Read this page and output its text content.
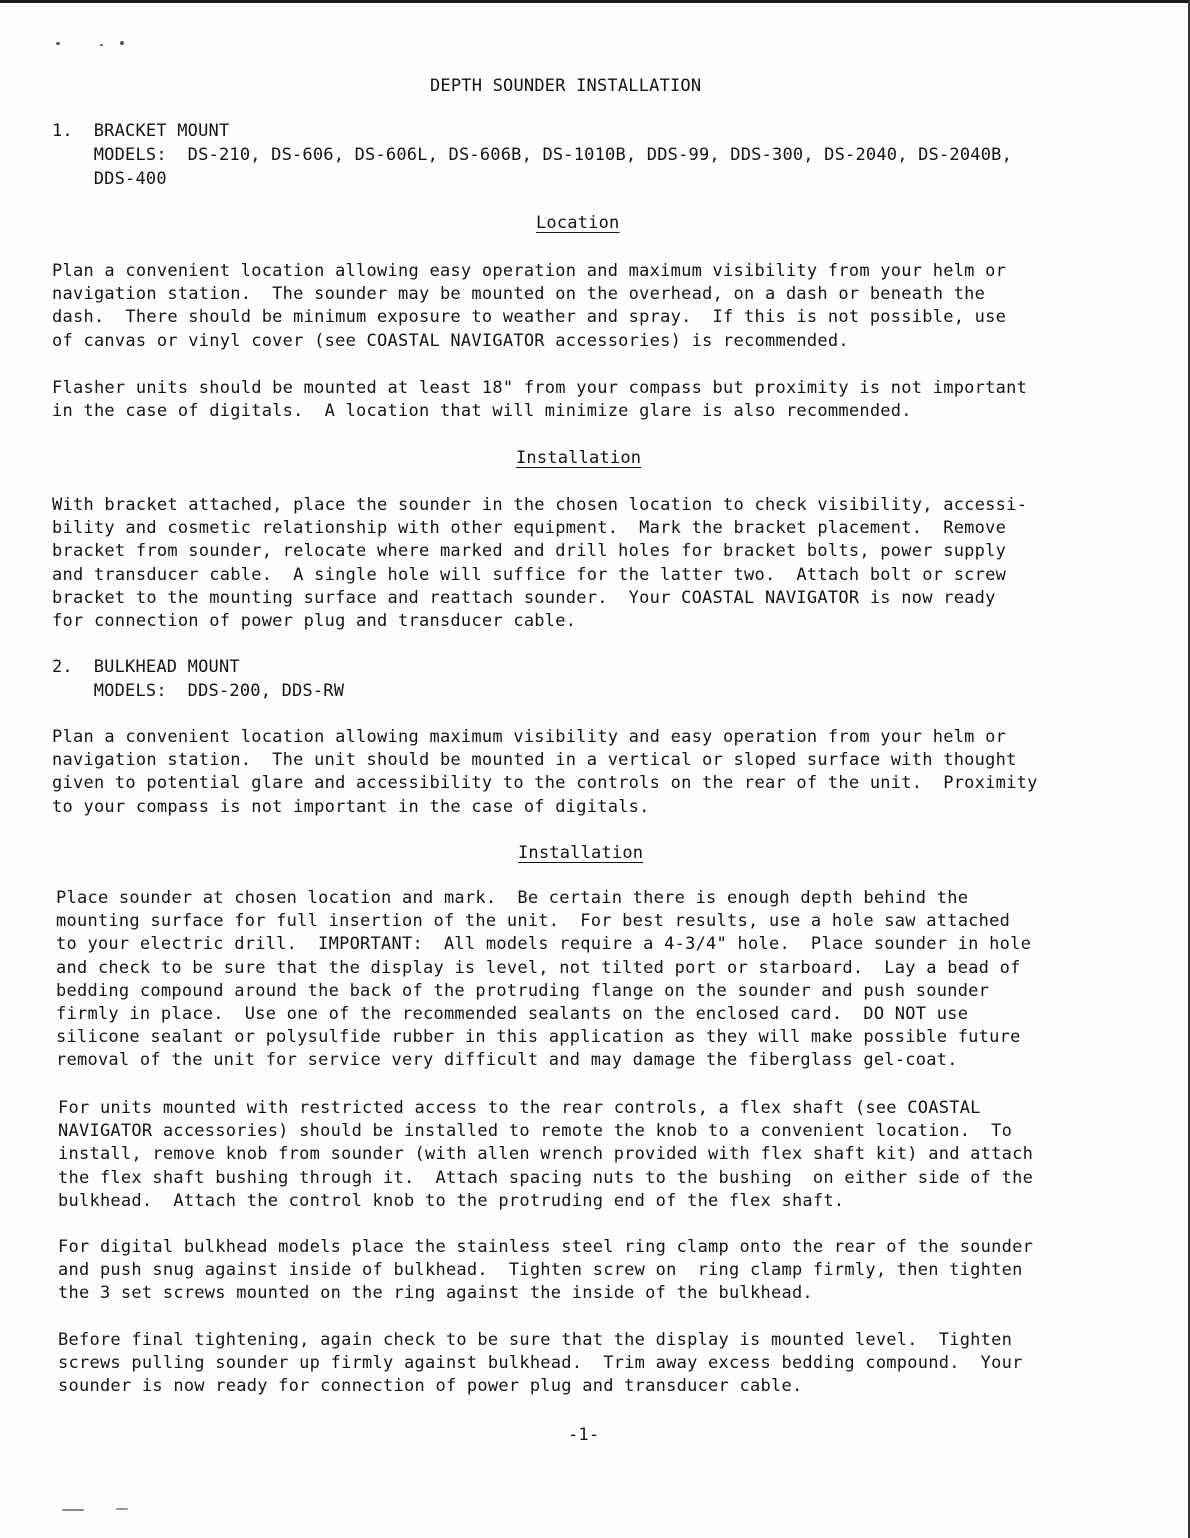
DEPTH SOUNDER INSTALLATION

1.  BRACKET MOUNT

MODELS:  DS-210, DS-606, DS-606L, DS-606B, DS-1010B, DDS-99, DDS-300, DS-2040, DS-2040B,

DDS-400

Location

Plan a convenient location allowing easy operation and maximum visibility from your helm or
navigation station.  The sounder may be mounted on the overhead, on a dash or beneath the
dash.  There should be minimum exposure to weather and spray.  If this is not possible, use
of canvas or vinyl cover (see COASTAL NAVIGATOR accessories) is recommended.
Flasher units should be mounted at least 18" from your compass but proximity is not important
in the case of digitals.  A location that will minimize glare is also recommended.

Installation

With bracket attached, place the sounder in the chosen location to check visibility, accessi-
bility and cosmetic relationship with other equipment.  Mark the bracket placement.  Remove
bracket from sounder, relocate where marked and drill holes for bracket bolts, power supply
and transducer cable.  A single hole will suffice for the latter two.  Attach bolt or screw
bracket to the mounting surface and reattach sounder.  Your COASTAL NAVIGATOR is now ready
for connection of power plug and transducer cable.

2.  BULKHEAD MOUNT

MODELS:  DDS-200, DDS-RW

Plan a convenient location allowing maximum visibility and easy operation from your helm or
navigation station.  The unit should be mounted in a vertical or sloped surface with thought
given to potential glare and accessibility to the controls on the rear of the unit.  Proximity
to your compass is not important in the case of digitals.

Installation

Place sounder at chosen location and mark.  Be certain there is enough depth behind the
mounting surface for full insertion of the unit.  For best results, use a hole saw attached
to your electric drill.  IMPORTANT:  All models require a 4-3/4" hole.  Place sounder in hole
and check to be sure that the display is level, not tilted port or starboard.  Lay a bead of
bedding compound around the back of the protruding flange on the sounder and push sounder
firmly in place.  Use one of the recommended sealants on the enclosed card.  DO NOT use
silicone sealant or polysulfide rubber in this application as they will make possible future
removal of the unit for service very difficult and may damage the fiberglass gel-coat.
For units mounted with restricted access to the rear controls, a flex shaft (see COASTAL
NAVIGATOR accessories) should be installed to remote the knob to a convenient location.  To
install, remove knob from sounder (with allen wrench provided with flex shaft kit) and attach
the flex shaft bushing through it.  Attach spacing nuts to the bushing  on either side of the
bulkhead.  Attach the control knob to the protruding end of the flex shaft.
For digital bulkhead models place the stainless steel ring clamp onto the rear of the sounder
and push snug against inside of bulkhead.  Tighten screw on  ring clamp firmly, then tighten
the 3 set screws mounted on the ring against the inside of the bulkhead.
Before final tightening, again check to be sure that the display is mounted level.  Tighten
screws pulling sounder up firmly against bulkhead.  Trim away excess bedding compound.  Your
sounder is now ready for connection of power plug and transducer cable.

-1-
